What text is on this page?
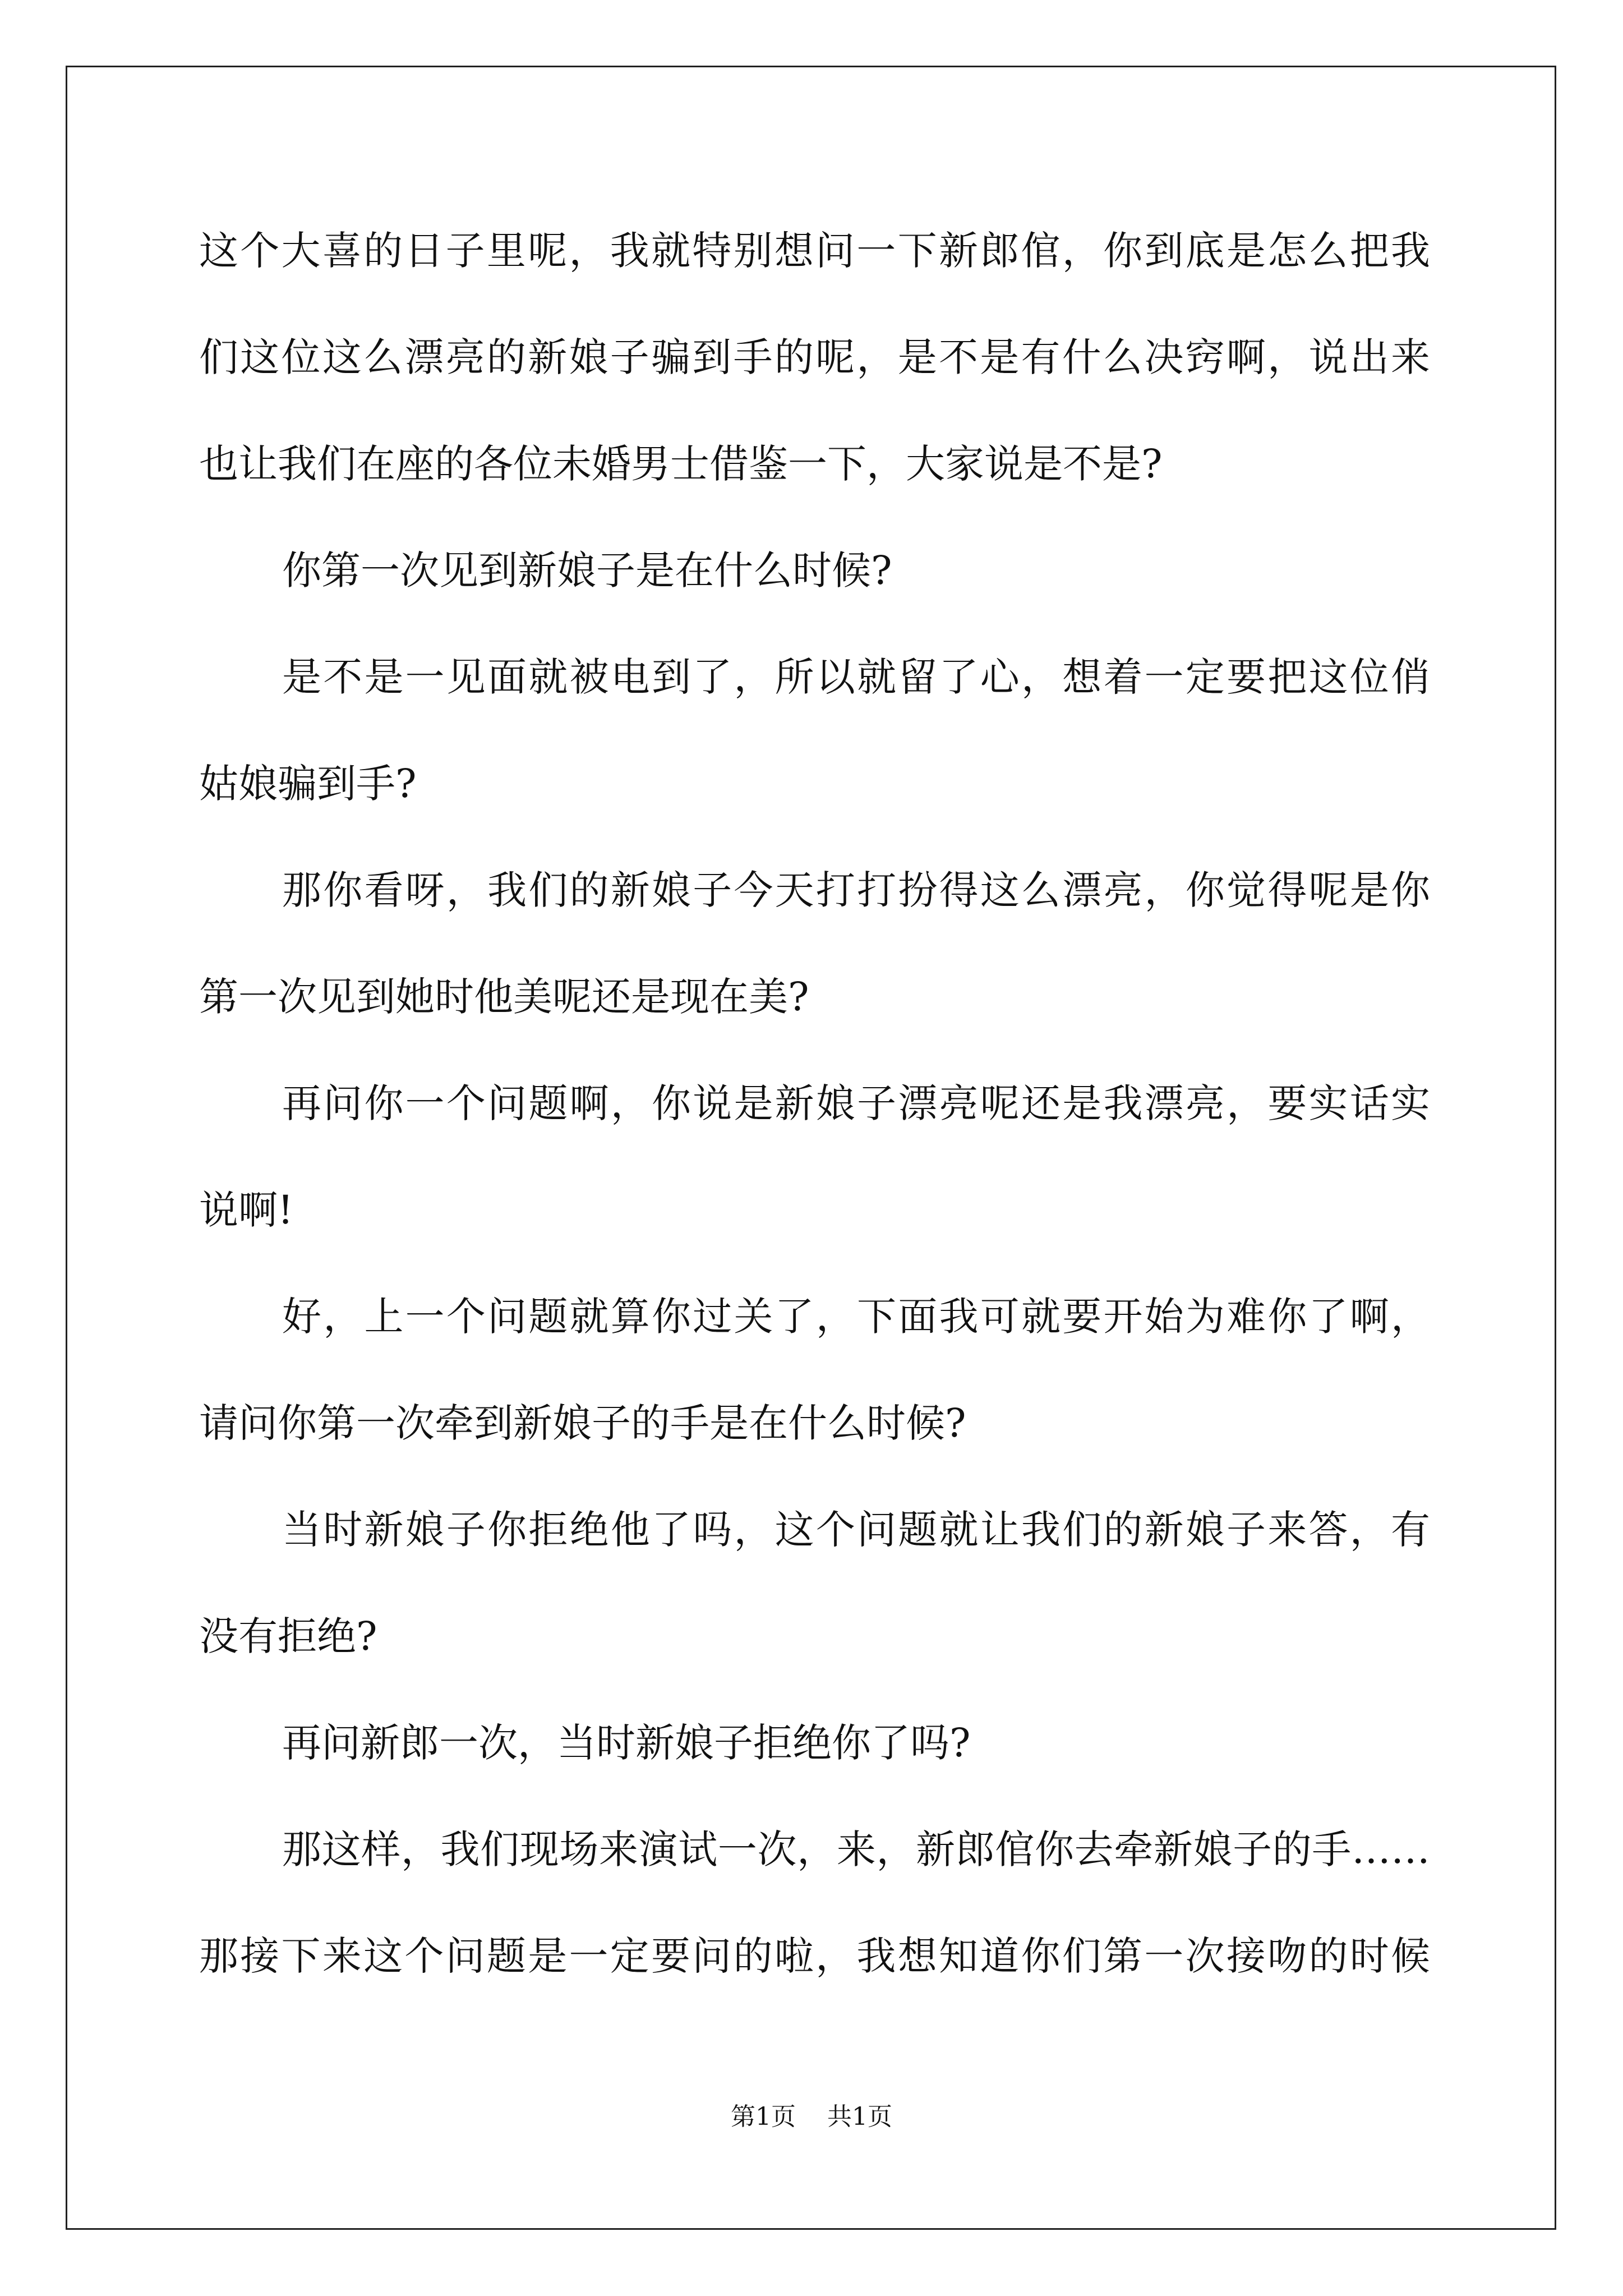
这个大喜的日子里呢，我就特别想问一下新郎倌，你到底是怎么把我
们这位这么漂亮的新娘子骗到手的呢，是不是有什么决窍啊，说出来
也让我们在座的各位未婚男士借鉴一下，大家说是不是?
你第一次见到新娘子是在什么时候?
是不是一见面就被电到了，所以就留了心，想着一定要把这位俏
姑娘骗到手?
那你看呀，我们的新娘子今天打打扮得这么漂亮，你觉得呢是你
第一次见到她时他美呢还是现在美?
再问你一个问题啊，你说是新娘子漂亮呢还是我漂亮，要实话实
说啊!
好，上一个问题就算你过关了，下面我可就要开始为难你了啊，
请问你第一次牵到新娘子的手是在什么时候?
当时新娘子你拒绝他了吗，这个问题就让我们的新娘子来答，有
没有拒绝?
再问新郎一次，当时新娘子拒绝你了吗?
那这样，我们现场来演试一次，来，新郎倌你去牵新娘子的手……
那接下来这个问题是一定要问的啦，我想知道你们第一次接吻的时候
第1页    共1页
